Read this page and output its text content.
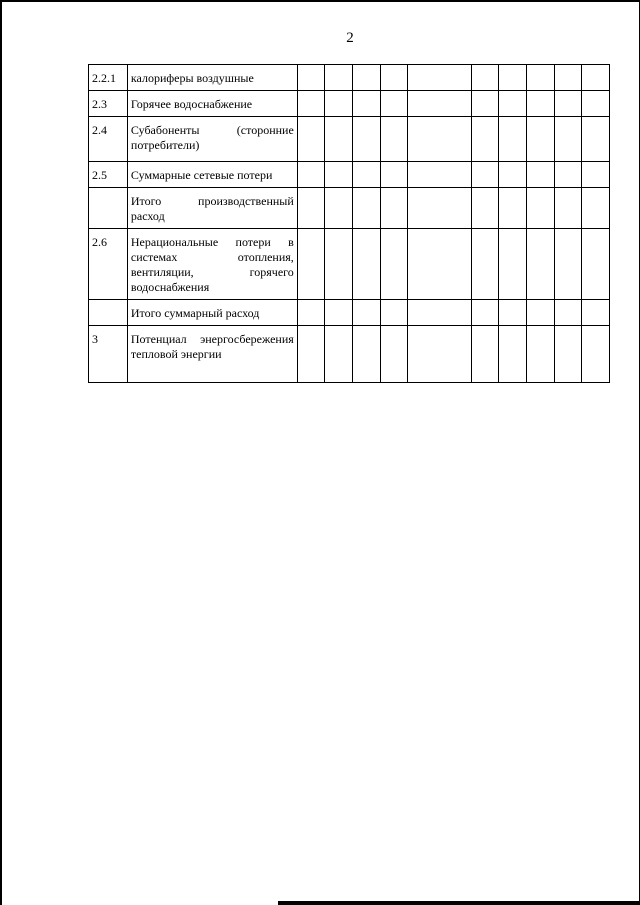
2
2.2.1	калориферы воздушные										
2.3	Горячее водоснабжение										
2.4	Субабоненты (сторонние потребители)										
2.5	Суммарные сетевые потери										
	Итого производственный расход										
2.6	Нерациональные потери в системах отопления, вентиляции, горячего водоснабжения										
	Итого суммарный расход										
3	Потенциал энергосбережения тепловой энергии										
